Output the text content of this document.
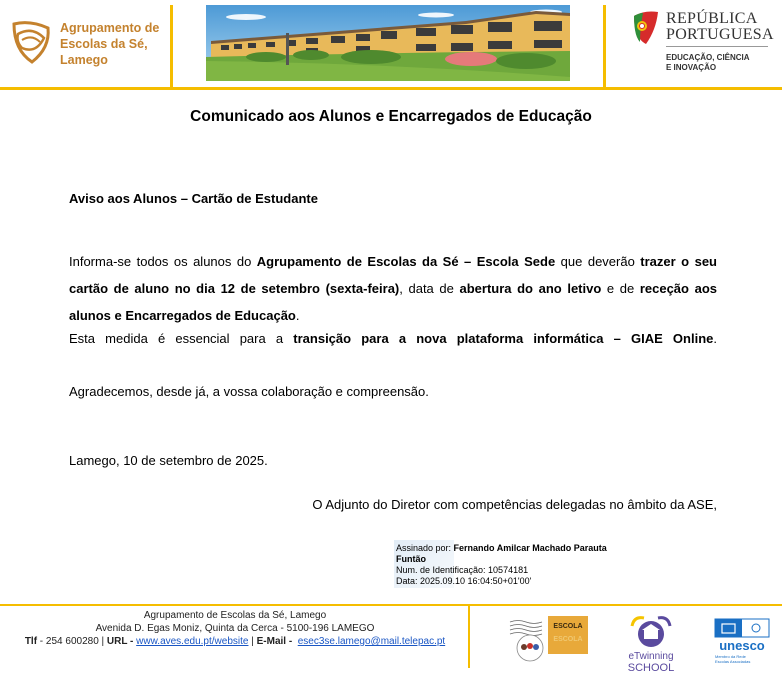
Agrupamento de
Escolas da Sé,
Lamego
REPÚBLICA
PORTUGUESA
EDUCAÇÃO, CIÊNCIA
E INOVAÇÃO
Comunicado aos Alunos e Encarregados de Educação
Aviso aos Alunos – Cartão de Estudante
Informa-se todos os alunos do Agrupamento de Escolas da Sé – Escola Sede que deverão trazer o seu cartão de aluno no dia 12 de setembro (sexta-feira), data de abertura do ano letivo e de receção aos alunos e Encarregados de Educação.
Esta medida é essencial para a transição para a nova plataforma informática – GIAE Online.
Agradecemos, desde já, a vossa colaboração e compreensão.
Lamego, 10 de setembro de 2025.
O Adjunto do Diretor com competências delegadas no âmbito da ASE,
Assinado por: Fernando Amilcar Machado Parauta
Funtão
Num. de Identificação: 10574181
Data: 2025.09.10 16:04:50+01'00'
Agrupamento de Escolas da Sé, Lamego
Avenida D. Egas Moniz, Quinta da Cerca - 5100-196 LAMEGO
Tlf - 254 600280 | URL - www.aves.edu.pt/website | E-Mail -  esec3se.lamego@mail.telepac.pt
ESCOLA
ESCOLA
eTwinning
SCHOOL
unesco
Membro da Rede
Escolas Associadas
